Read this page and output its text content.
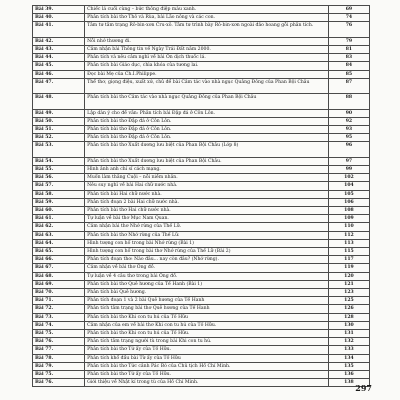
Bài 39.	Chiếc lá cuối cùng – bức thông điệp màu xanh.	69
Bài 40.	Phân tích bài thơ Thỏ và Rùa, bài Lão nông và các con.	74
Bài 41.	Tâm tư tâm trạng Rô-bin-xơn Cru-xô. Tâm tư trình bày Rô-bin-xơn ngoài đảo hoang gỗi phân tích.	76
Bài 42.	Nỗi nhớ thương đi.	79
Bài 43.	Cảm nhận bài Thông tin về Ngày Trái Đất năm 2000.	81
Bài 44.	Phân tích và nêu cảm nghĩ về bài Ôn dịch thuốc lá.	83
Bài 45.	Phân tích bài Giáo dục, chìa khóa của tương lai.	84
Bài 46.	Đọc bài Mẹ của Ch.I.Philippe.	85
Bài 47.	Thể thơ, giọng điệu, xuất xứ, chủ đề bài Cảm tác vào nhà ngục Quảng Đông của Phan Bội Châu	87
Bài 48.	Phân tích bài thơ Cảm tác vào nhà ngục Quảng Đông của Phan Bội Châu	88
Bài 49.	Lập dàn ý cho đề văn: Phân tích bài Đập đá ở Côn Lôn.	90
Bài 50.	Phân tích bài thơ Đập đá ở Côn Lôn.	92
Bài 51.	Phân tích bài thơ Đập đá ở Côn Lôn.	93
Bài 52.	Phân tích bài thơ Đập đá ở Côn Lôn.	95
Bài 53.	Phân tích bài thơ Xuất dương lưu biệt của Phan Bội Châu (Lớp 8)	96
Bài 54.	Phân tích bài thơ Xuất dương lưu biệt của Phan Bội Châu.	97
Bài 55.	Hình ảnh anh chí sĩ cách mạng.	99
Bài 56.	Muốn làm thằng Cuội – nỗi niềm nhân.	102
Bài 57.	Nêu suy nghĩ về bài Hai chữ nước nhà.	104
Bài 58.	Phân tích bài Hai chữ nước nhà.	105
Bài 59.	Phân tích đoạn 2 bài Hai chữ nước nhà.	106
Bài 60.	Phân tích bài thơ Hai chữ nước nhà.	108
Bài 61.	Tự luận về bài thơ Mục Nam Quan.	109
Bài 62.	Cảm nhận bài thơ Nhớ rừng của Thế Lữ.	110
Bài 63.	Phân tích bài thơ Nhớ rừng của Thế Lữ.	112
Bài 64.	Hình tượng con hổ trong bài Nhớ rừng (Bài 1)	113
Bài 65.	Hình tượng con hổ trong bài thơ Nhớ rừng của Thế Lữ (Bài 2)	115
Bài 66.	Phân tích đoạn thơ: Nào đâu... nay còn đâu? (Nhớ rừng).	117
Bài 67.	Cảm nhận về bài thơ Ông đồ.	119
Bài 68.	Tự luận về 4 câu thơ trong bài Ông đồ.	120
Bài 69.	Phân tích bài thơ Quê hương của Tế Hanh (Bài 1)	121
Bài 70.	Phân tích bài Quê hương.	123
Bài 71.	Phân tích đoạn 1 và 2 bài Quê hương của Tế Hanh	125
Bài 72.	Phân tích tâm trạng bài thơ Quê hương của Tế Hanh	126
Bài 73.	Phân tích bài thơ Khi con tu hú của Tố Hữu	128
Bài 74.	Cảm nhận của em về bài thơ Khi con tu hú của Tố Hữu.	130
Bài 75.	Phân tích bài thơ Khi con tu hú của Tố Hữu.	131
Bài 76.	Phân tích tâm trạng người tù trong bài Khi con tu hú.	132
Bài 77.	Phân tích bài thơ Tứ ấy của Tố Hữu.	133
Bài 78.	Phân tích khổ đầu bài Từ ấy của Tố Hữu	134
Bài 79.	Phân tích bài thơ Tức cảnh Pác Bó của Chủ tịch Hồ Chí Minh.	135
Bài 75.	Phân tích bài thơ Tứ ấy của Tố Hữu.	136
Bài 76.	Giới thiệu về Nhật kí trong tù của Hồ Chí Minh.	138
297
